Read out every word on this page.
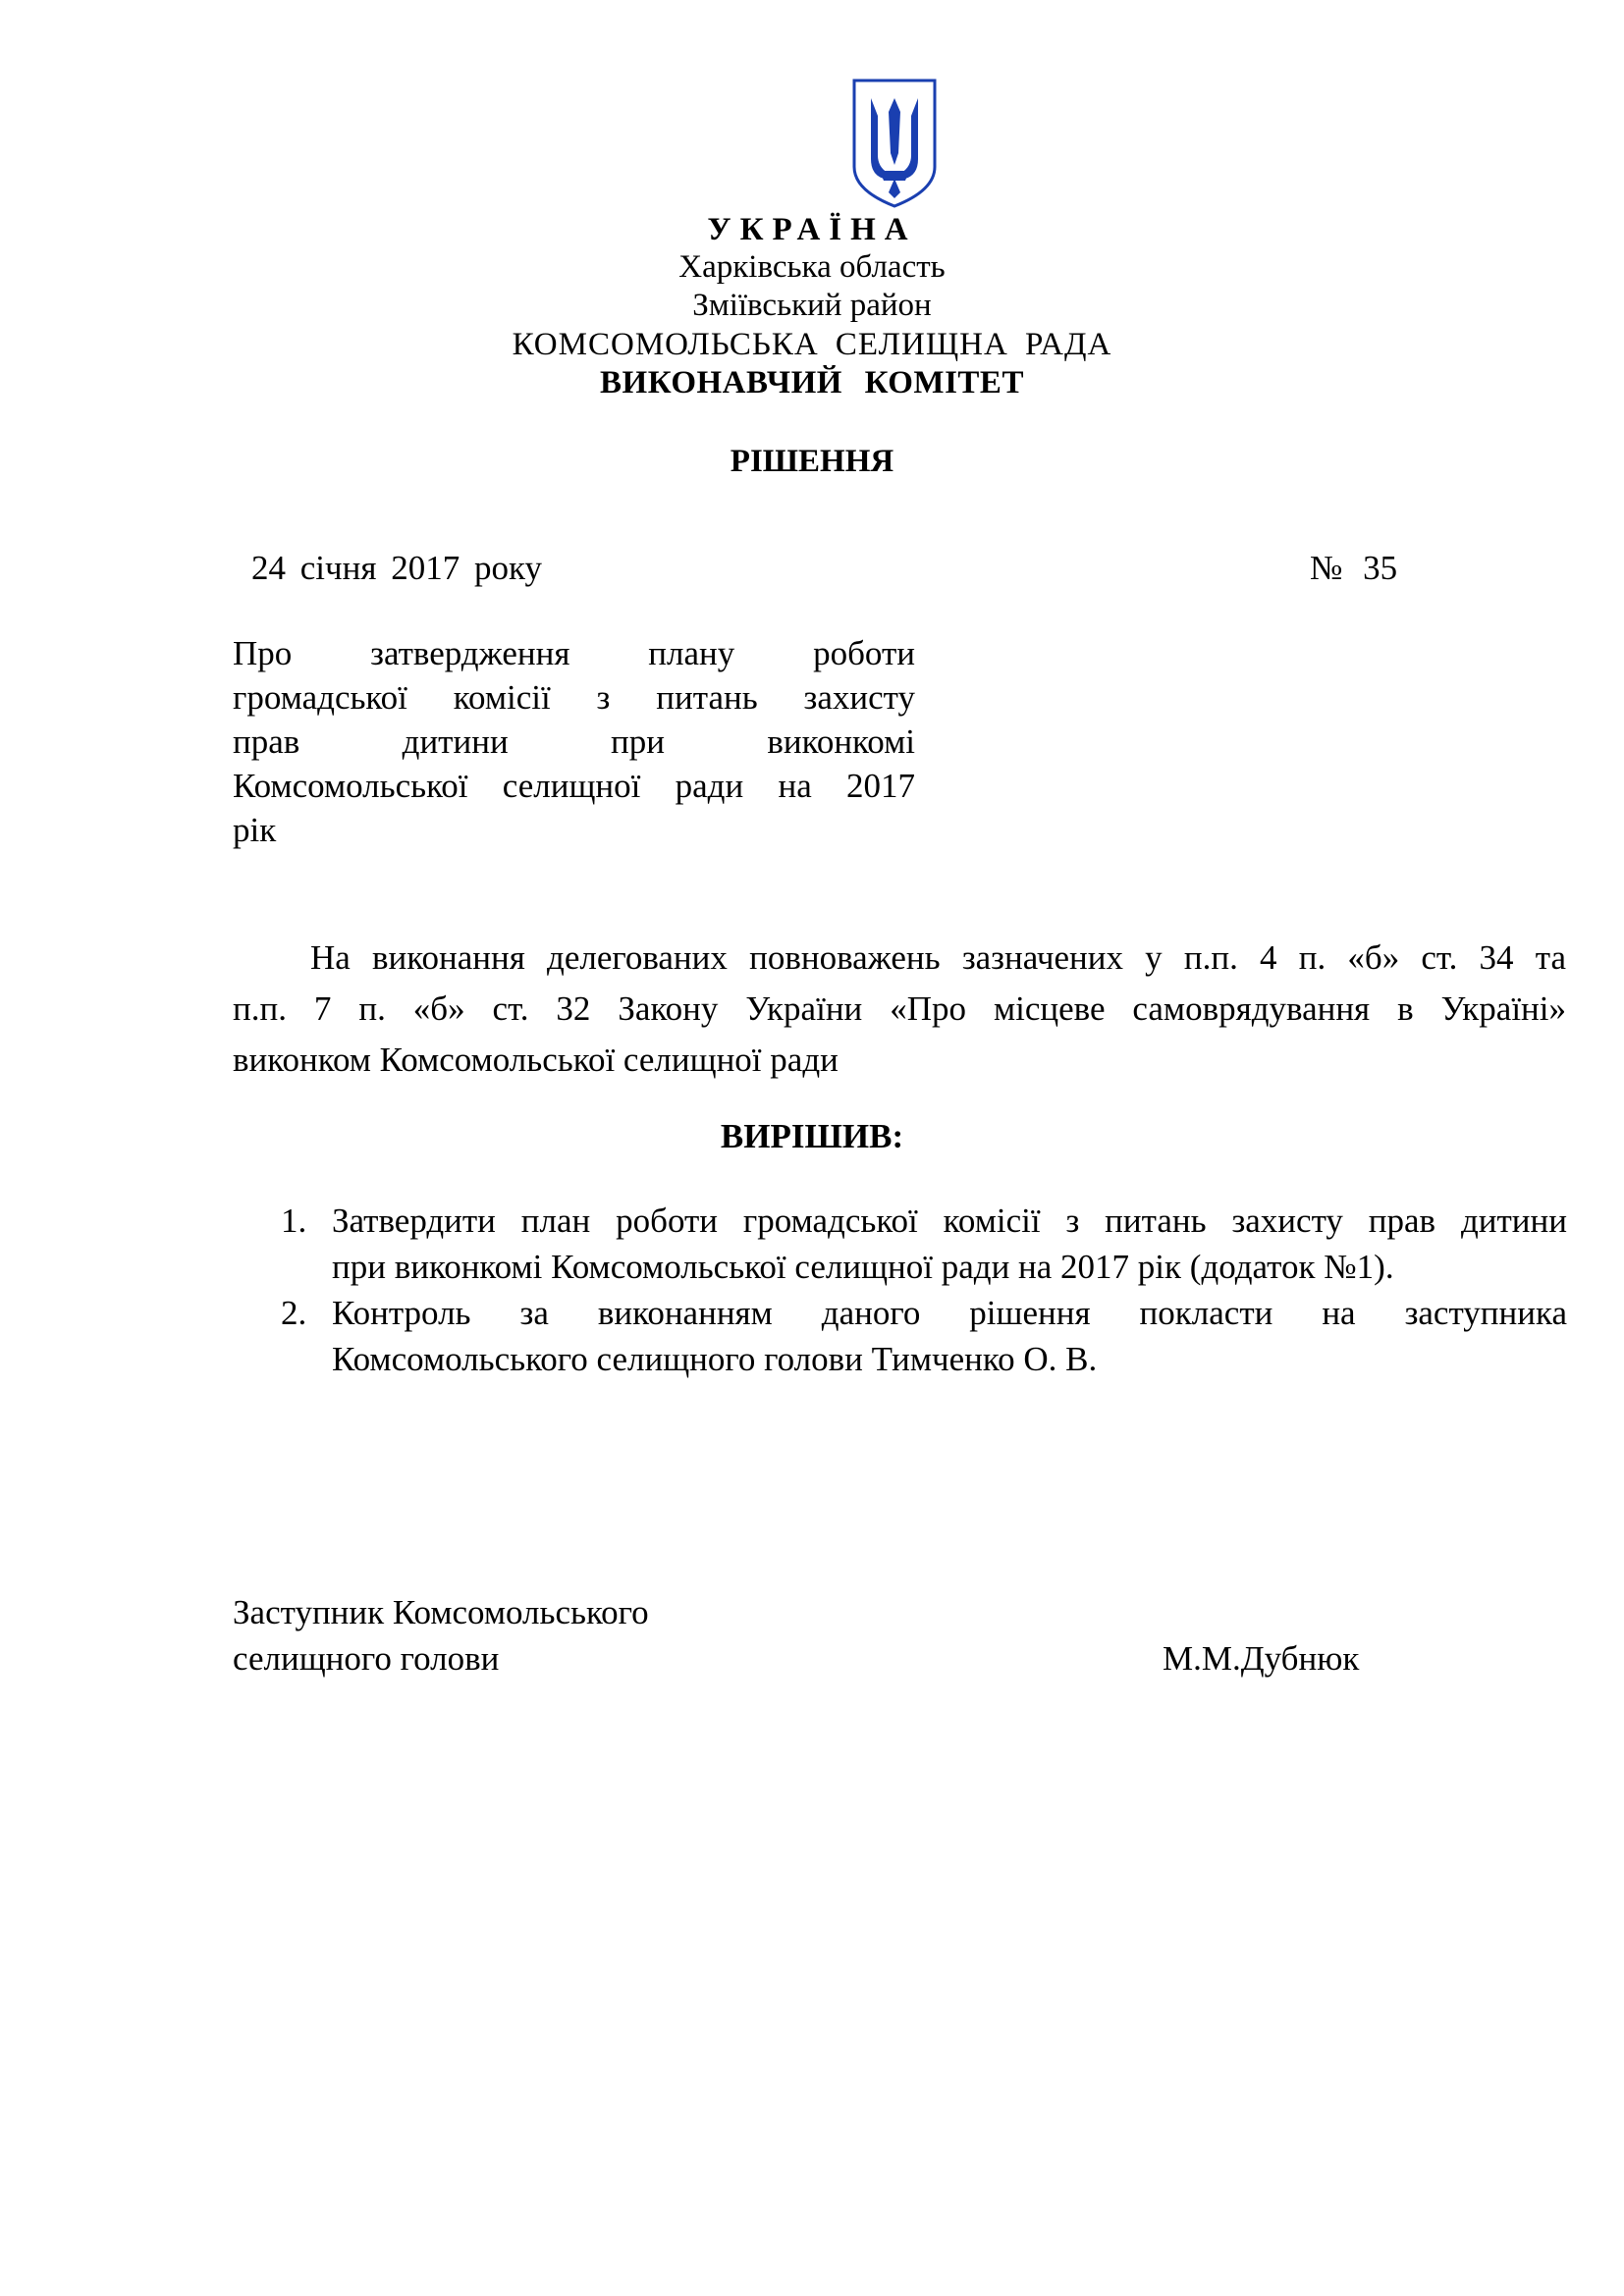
УКРАЇНА
Харківська область
Зміївський район
КОМСОМОЛЬСЬКА СЕЛИЩНА РАДА
ВИКОНАВЧИЙ КОМІТЕТ
РІШЕННЯ
24 січня 2017 року	№ 35
Про затвердження плану роботи
громадської комісії з питань захисту
прав дитини при виконкомі
Комсомольської селищної ради на 2017
рік
На виконання делегованих повноважень зазначених у п.п. 4 п. «б» ст. 34 та
п.п. 7 п. «б» ст. 32 Закону України «Про місцеве самоврядування в Україні»
виконком Комсомольської селищної ради
ВИРІШИВ:
1. Затвердити план роботи громадської комісії з питань захисту прав дитини
при виконкомі Комсомольської селищної ради на 2017 рік (додаток №1).
2. Контроль за виконанням даного рішення покласти на заступника
Комсомольського селищного голови Тимченко О. В.
Заступник Комсомольського
селищного голови	М.М.Дубнюк
